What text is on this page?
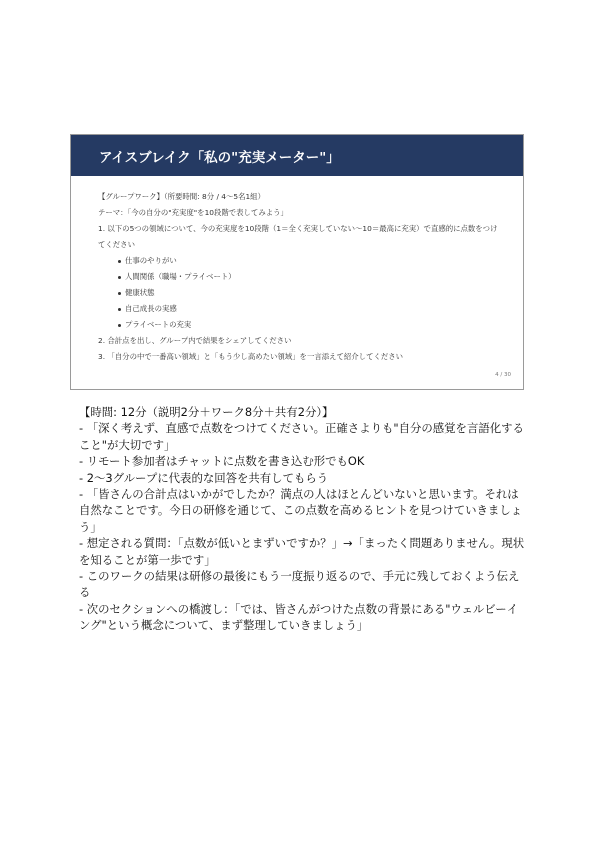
アイスブレイク「私の"充実メーター"」

【グループワーク】（所要時間: 8分 / 4〜5名1組）

テーマ：「今の自分の"充実度"を10段階で表してみよう」

1. 以下の5つの領域について、今の充実度を10段階（1＝全く充実していない〜10＝最高に充実）で直感的に点数をつけてください

仕事のやりがい
人間関係（職場・プライベート）
健康状態
自己成長の実感
プライベートの充実

2. 合計点を出し、グループ内で結果をシェアしてください

3. 「自分の中で一番高い領域」と「もう少し高めたい領域」を一言添えて紹介してください

4 / 30

【時間: 12分（説明2分＋ワーク8分＋共有2分）】

- 「深く考えず、直感で点数をつけてください。正確さよりも"自分の感覚を言語化すること"が大切です」

- リモート参加者はチャットに点数を書き込む形でもOK

- 2〜3グループに代表的な回答を共有してもらう

- 「皆さんの合計点はいかがでしたか？満点の人はほとんどいないと思います。それは自然なことです。今日の研修を通じて、この点数を高めるヒントを見つけていきましょう」

- 想定される質問：「点数が低いとまずいですか？」→「まったく問題ありません。現状を知ることが第一歩です」

- このワークの結果は研修の最後にもう一度振り返るので、手元に残しておくよう伝える

- 次のセクションへの橋渡し：「では、皆さんがつけた点数の背景にある"ウェルビーイング"という概念について、まず整理していきましょう」
